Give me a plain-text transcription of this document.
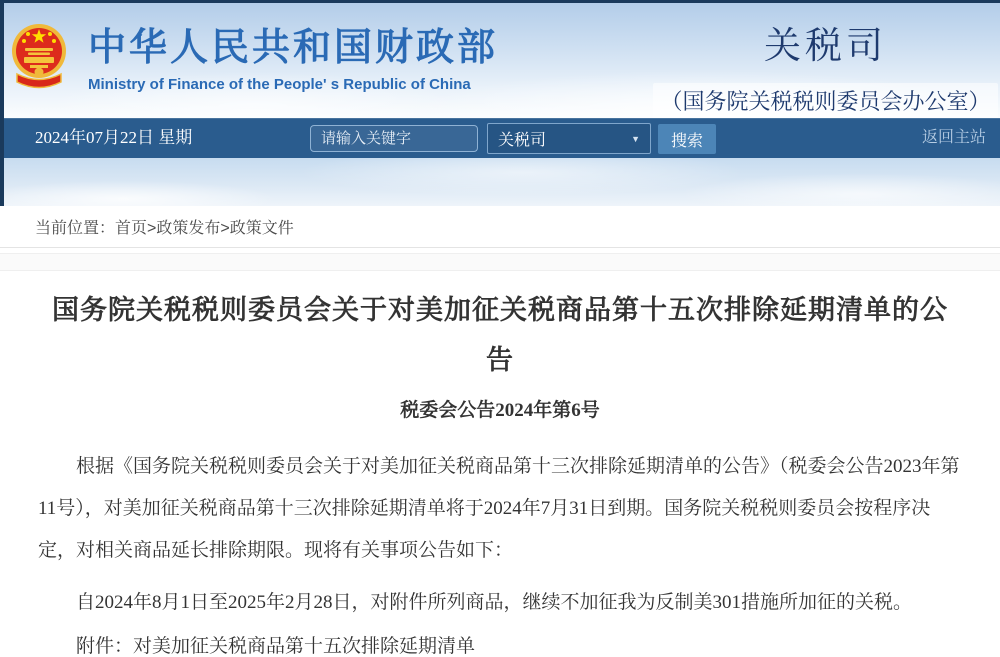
中华人民共和国财政部
Ministry of Finance of the People' s Republic of China
关税司
（国务院关税税则委员会办公室）
2024年07月22日 星期
请输入关键字	关税司	▼	搜索	返回主站
当前位置： 首页>政策发布>政策文件
国务院关税税则委员会关于对美加征关税商品第十五次排除延期清单的公告
税委会公告2024年第6号

根据《国务院关税税则委员会关于对美加征关税商品第十三次排除延期清单的公告》（税委会公告2023年第11号），对美加征关税商品第十三次排除延期清单将于2024年7月31日到期。国务院关税税则委员会按程序决定，对相关商品延长排除期限。现将有关事项公告如下：

自2024年8月1日至2025年2月28日，对附件所列商品，继续不加征我为反制美301措施所加征的关税。

附件：对美加征关税商品第十五次排除延期清单
